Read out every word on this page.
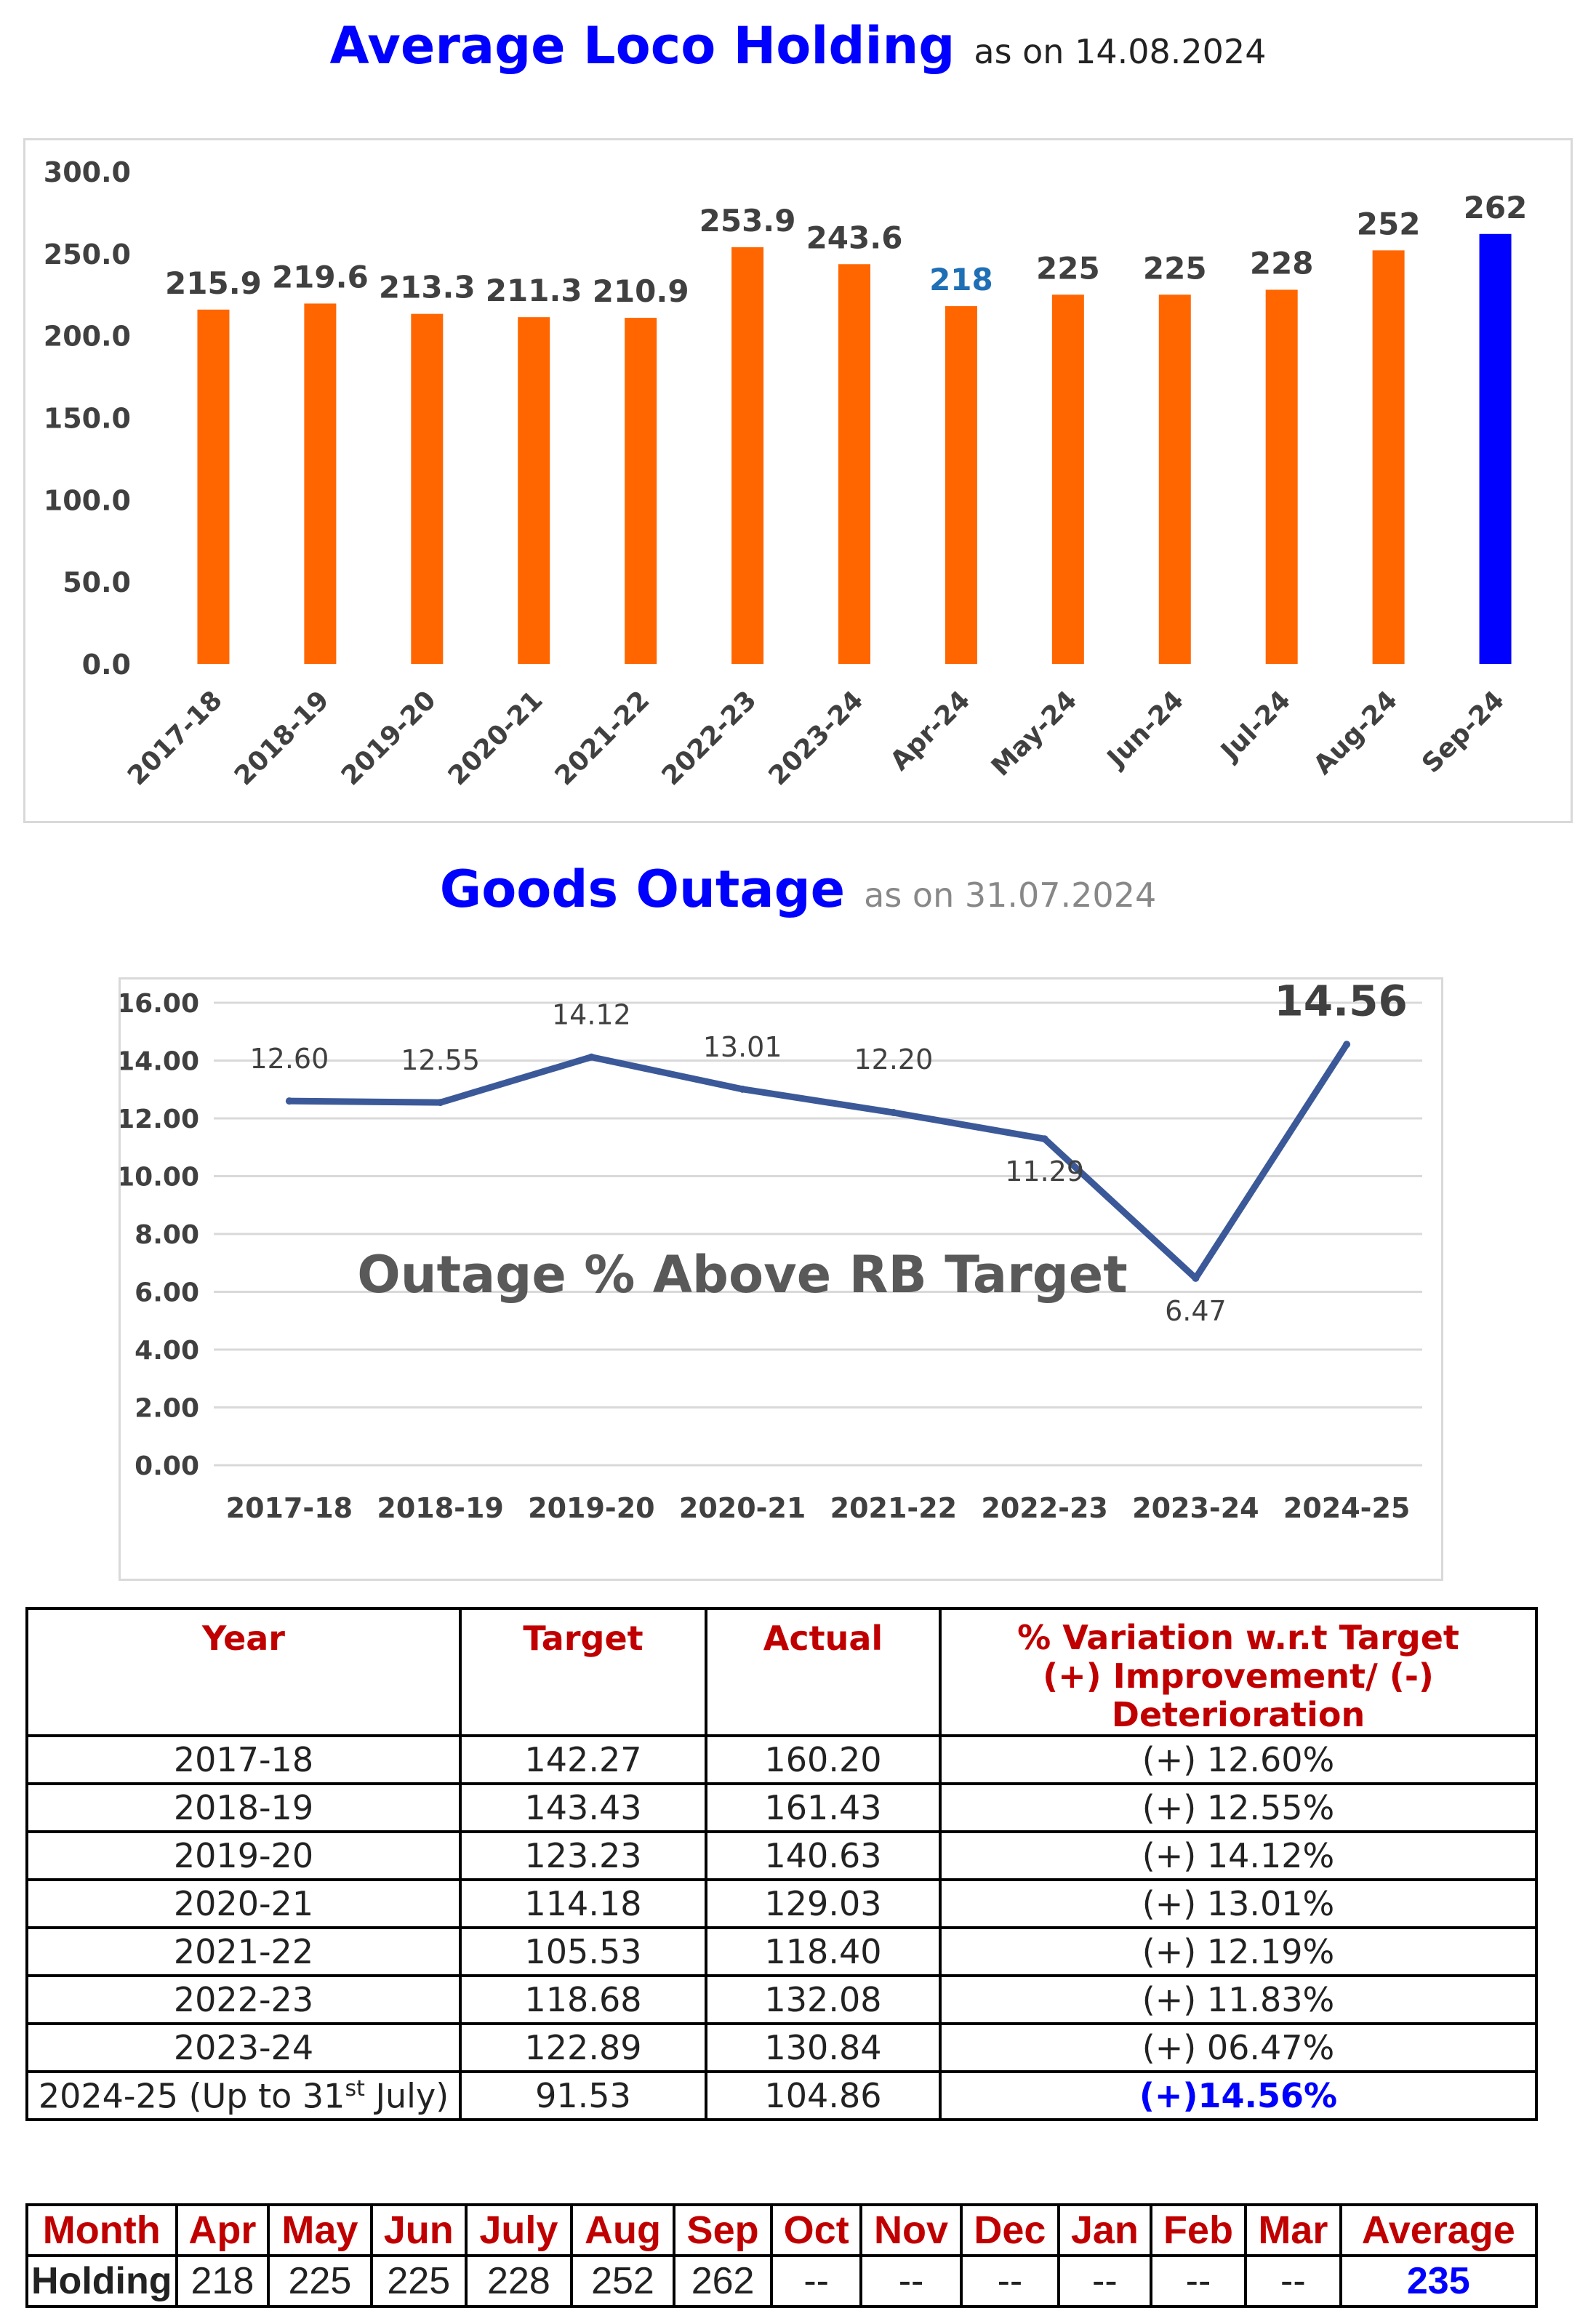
Average Loco Holding as on 14.08.2024
0.0
50.0
100.0
150.0
200.0
250.0
300.0
215.9
2017-18
219.6
2018-19
213.3
2019-20
211.3
2020-21
210.9
2021-22
253.9
2022-23
243.6
2023-24
218
Apr-24
225
May-24
225
Jun-24
228
Jul-24
252
Aug-24
262
Sep-24
Goods Outage as on 31.07.2024
0.00
2.00
4.00
6.00
8.00
10.00
12.00
14.00
16.00
12.60
2017-18
12.55
2018-19
14.12
2019-20
13.01
2020-21
12.20
2021-22
11.29
2022-23
6.47
2023-24
14.56
2024-25
Outage % Above RB Target
Year	Target	Actual	% Variation w.r.t Target
(+) Improvement/ (-)
Deterioration
2017-18	142.27	160.20	(+) 12.60%
2018-19	143.43	161.43	(+) 12.55%
2019-20	123.23	140.63	(+) 14.12%
2020-21	114.18	129.03	(+) 13.01%
2021-22	105.53	118.40	(+) 12.19%
2022-23	118.68	132.08	(+) 11.83%
2023-24	122.89	130.84	(+) 06.47%
2024-25 (Up to 31st July)	91.53	104.86	(+)14.56%
Month	Apr	May	Jun	July	Aug	Sep	Oct	Nov	Dec	Jan	Feb	Mar	Average
Holding	218	225	225	228	252	262	--	--	--	--	--	--	235
